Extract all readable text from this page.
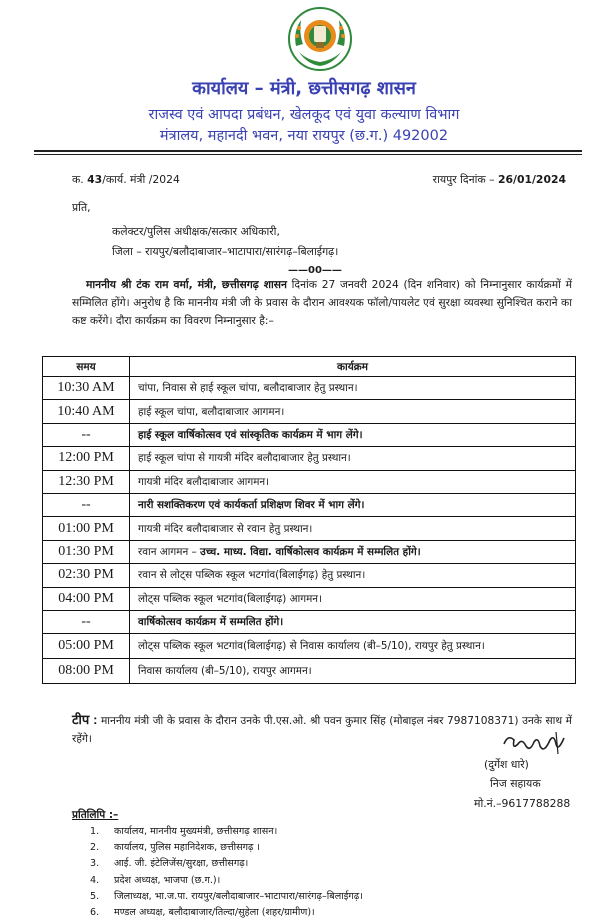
कार्यालय – मंत्री, छत्तीसगढ़ शासन
राजस्व एवं आपदा प्रबंधन, खेलकूद एवं युवा कल्याण विभाग
मंत्रालय, महानदी भवन, नया रायपुर (छ.ग.) 492002
क. 43/कार्य. मंत्री /2024	रायपुर दिनांक – 26/01/2024
प्रति,
कलेक्टर/पुलिस अधीक्षक/सत्कार अधिकारी,
जिला – रायपुर/बलौदाबाजार–भाटापारा/सारंगढ़–बिलाईगढ़।
——00——
माननीय श्री टंक राम वर्मा, मंत्री, छत्तीसगढ़ शासन दिनांक 27 जनवरी 2024 (दिन शनिवार) को निम्नानुसार कार्यक्रमों में सम्मिलित होंगे। अनुरोध है कि माननीय मंत्री जी के प्रवास के दौरान आवश्यक फॉलो/पायलेट एवं सुरक्षा व्यवस्था सुनिश्चित कराने का कष्ट करेंगे। दौरा कार्यक्रम का विवरण निम्नानुसार है:–
समय	कार्यक्रम
10:30 AM	चांपा, निवास से हाई स्कूल चांपा, बलौदाबाजार हेतु प्रस्थान।
10:40 AM	हाई स्कूल चांपा, बलौदाबाजार आगमन।
--	हाई स्कूल वार्षिकोत्सव एवं सांस्कृतिक कार्यक्रम में भाग लेंगे।
12:00 PM	हाई स्कूल चांपा से गायत्री मंदिर बलौदाबाजार हेतु प्रस्थान।
12:30 PM	गायत्री मंदिर बलौदाबाजार आगमन।
--	नारी सशक्तिकरण एवं कार्यकर्ता प्रशिक्षण शिवर में भाग लेंगे।
01:00 PM	गायत्री मंदिर बलौदाबाजार से रवान हेतु प्रस्थान।
01:30 PM	रवान आगमन – उच्च. माध्य. विद्या. वार्षिकोत्सव कार्यक्रम में सम्मलित होंगे।
02:30 PM	रवान से लोट्स पब्लिक स्कूल भटगांव(बिलाईगढ़) हेतु प्रस्थान।
04:00 PM	लोट्स पब्लिक स्कूल भटगांव(बिलाईगढ़) आगमन।
--	वार्षिकोत्सव कार्यक्रम में सम्मलित होंगे।
05:00 PM	लोट्स पब्लिक स्कूल भटगांव(बिलाईगढ़) से निवास कार्यालय (बी–5/10), रायपुर हेतु प्रस्थान।
08:00 PM	निवास कार्यालय (बी–5/10), रायपुर आगमन।
टीप : माननीय मंत्री जी के प्रवास के दौरान उनके पी.एस.ओ. श्री पवन कुमार सिंह (मोबाइल नंबर 7987108371) उनके साथ में रहेंगे।
(दुर्गेश धारे)
निज सहायक
मो.नं.–9617788288
प्रतिलिपि :–
1. कार्यालय, माननीय मुख्यमंत्री, छत्तीसगढ़ शासन।
2. कार्यालय, पुलिस महानिदेशक, छत्तीसगढ़ ।
3. आई. जी. इंटेलिजेंस/सुरक्षा, छत्तीसगढ़।
4. प्रदेश अध्यक्ष, भाजपा (छ.ग.)।
5. जिलाध्यक्ष, भा.ज.पा. रायपुर/बलौदाबाजार–भाटापारा/सारंगढ़–बिलाईगढ़।
6. मण्डल अध्यक्ष, बलौदाबाजार/तिल्दा/सुहेला (शहर/ग्रामीण)।
